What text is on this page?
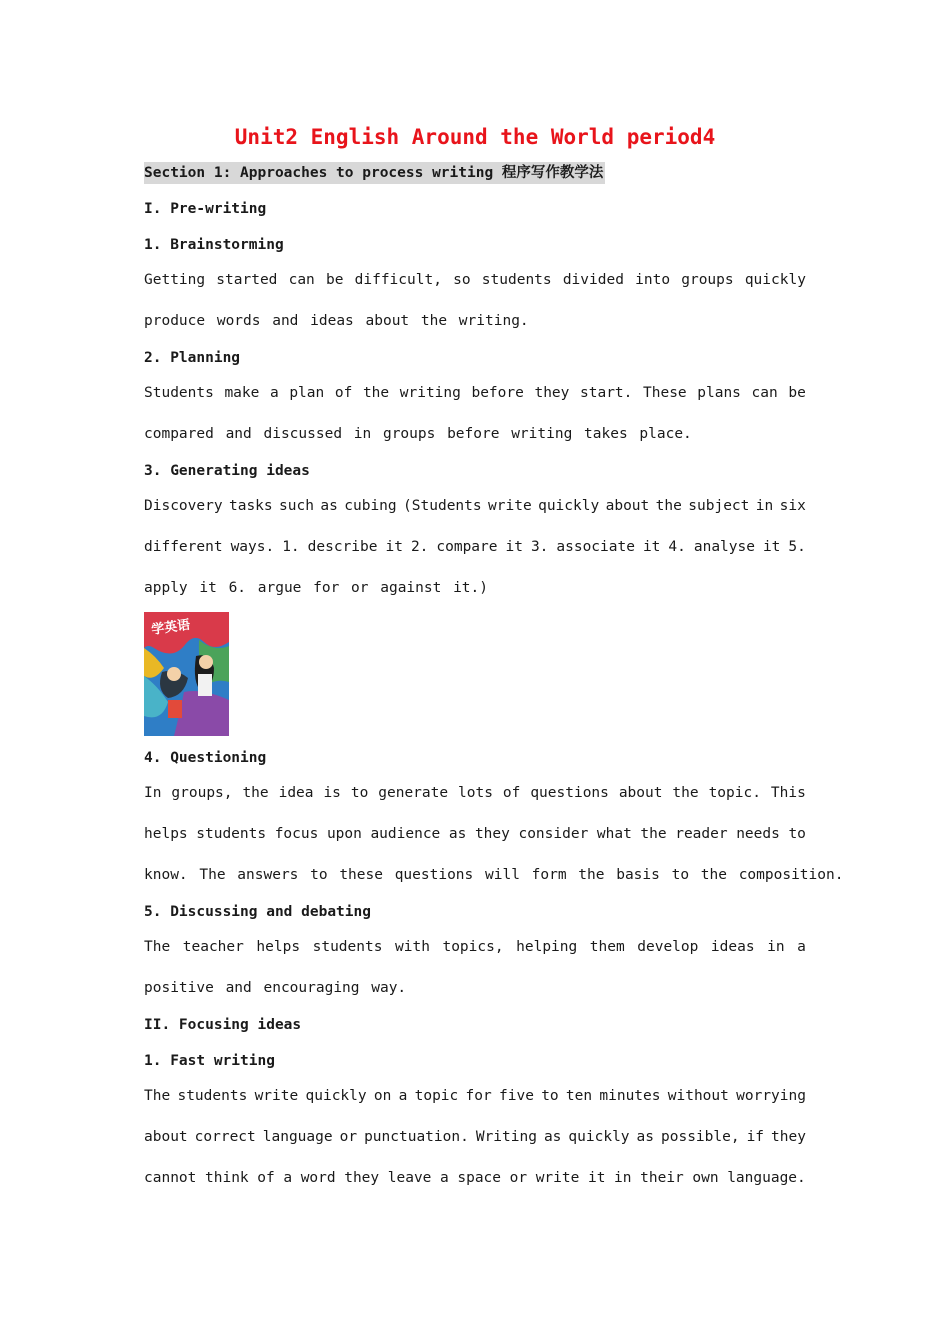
Unit2 English Around the World period4
Section 1: Approaches to process writing 程序写作教学法
I. Pre-writing
1. Brainstorming
Getting started can be difficult, so students divided into groups quickly
produce words and ideas about the writing.
2. Planning
Students make a plan of the writing before they start. These plans can be
compared and discussed in groups before writing takes place.
3. Generating ideas
Discovery tasks such as cubing (Students write quickly about the subject in six
different ways. 1. describe it 2. compare it 3. associate it 4. analyse it 5.
apply it 6. argue for or against it.)
学英语
4. Questioning
In groups, the idea is to generate lots of questions about the topic. This
helps students focus upon audience as they consider what the reader needs to
know. The answers to these questions will form the basis to the composition.
5. Discussing and debating
The teacher helps students with topics, helping them develop ideas in a
positive and encouraging way.
II. Focusing ideas
1. Fast writing
The students write quickly on a topic for five to ten minutes without worrying
about correct language or punctuation. Writing as quickly as possible, if they
cannot think of a word they leave a space or write it in their own language.
